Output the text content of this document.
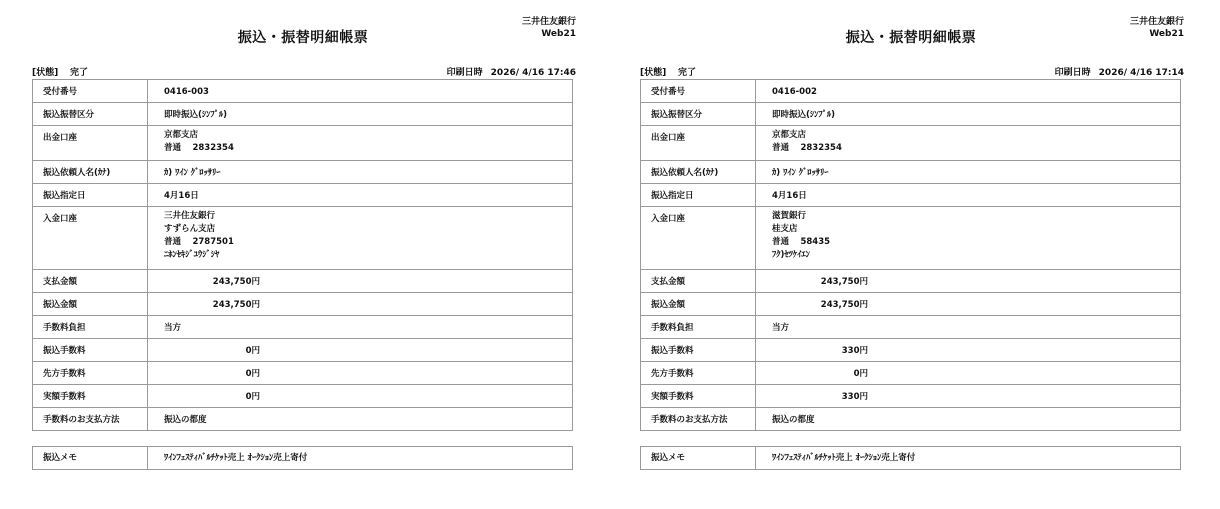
三井住友銀行
Web21
振込・振替明細帳票
[状態] 完了	印刷日時 2026/ 4/16 17:46
受付番号	0416-003
振込振替区分	即時振込(ｼﾝﾌﾟﾙ)
出金口座	京都支店
普通　 2832354

振込依頼人名(ｶﾅ)	ｶ) ﾜｲﾝ ｸﾞﾛｯｻﾘｰ
振込指定日	4月16日
入金口座	三井住友銀行
すずらん支店
普通　 2787501
ﾆﾎﾝｾｷｼﾞﾕｳｼﾞｼﾔ

支払金額	243,750円
振込金額	243,750円
手数料負担	当方
振込手数料	0円
先方手数料	0円
実額手数料	0円
手数料のお支払方法	振込の都度
振込メモ	ﾜｲﾝﾌｪｽﾃｨﾊﾞﾙﾁｹｯﾄ売上 ｵｰｸｼｮﾝ売上寄付
三井住友銀行
Web21
振込・振替明細帳票
[状態] 完了	印刷日時 2026/ 4/16 17:14
受付番号	0416-002
振込振替区分	即時振込(ｼﾝﾌﾟﾙ)
出金口座	京都支店
普通　 2832354

振込依頼人名(ｶﾅ)	ｶ) ﾜｲﾝ ｸﾞﾛｯｻﾘｰ
振込指定日	4月16日
入金口座	滋賀銀行
桂支店
普通　 58435
ﾌｸ)ｾﾂｹｲｴﾝ

支払金額	243,750円
振込金額	243,750円
手数料負担	当方
振込手数料	330円
先方手数料	0円
実額手数料	330円
手数料のお支払方法	振込の都度
振込メモ	ﾜｲﾝﾌｪｽﾃｨﾊﾞﾙﾁｹｯﾄ売上 ｵｰｸｼｮﾝ売上寄付
